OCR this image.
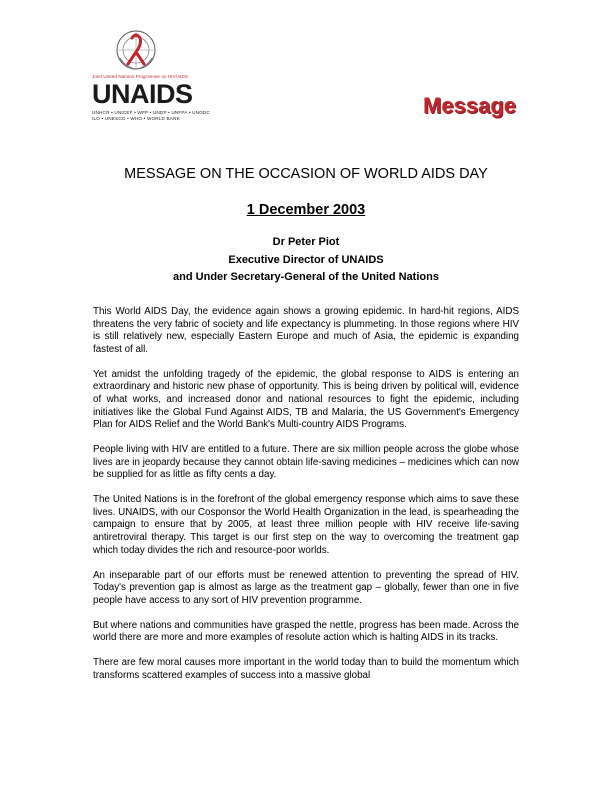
Joint United Nations Programme on HIV/AIDS
UNAIDS
UNHCR • UNICEF • WFP • UNDP • UNFPA • UNODC
ILO • UNESCO • WHO • WORLD BANK
Message
MESSAGE ON THE OCCASION OF WORLD AIDS DAY
1 December 2003
Dr Peter Piot
Executive Director of UNAIDS
and Under Secretary-General of the United Nations

This World AIDS Day, the evidence again shows a growing epidemic. In hard-hit regions, AIDS threatens the very fabric of society and life expectancy is plummeting. In those regions where HIV is still relatively new, especially Eastern Europe and much of Asia, the epidemic is expanding fastest of all.

Yet amidst the unfolding tragedy of the epidemic, the global response to AIDS is entering an extraordinary and historic new phase of opportunity. This is being driven by political will, evidence of what works, and increased donor and national resources to fight the epidemic, including initiatives like the Global Fund Against AIDS, TB and Malaria, the US Government's Emergency Plan for AIDS Relief and the World Bank's Multi-country AIDS Programs.

People living with HIV are entitled to a future. There are six million people across the globe whose lives are in jeopardy because they cannot obtain life-saving medicines – medicines which can now be supplied for as little as fifty cents a day.

The United Nations is in the forefront of the global emergency response which aims to save these lives. UNAIDS, with our Cosponsor the World Health Organization in the lead, is spearheading the campaign to ensure that by 2005, at least three million people with HIV receive life-saving antiretroviral therapy. This target is our first step on the way to overcoming the treatment gap which today divides the rich and resource-poor worlds.

An inseparable part of our efforts must be renewed attention to preventing the spread of HIV. Today's prevention gap is almost as large as the treatment gap – globally, fewer than one in five people have access to any sort of HIV prevention programme.

But where nations and communities have grasped the nettle, progress has been made. Across the world there are more and more examples of resolute action which is halting AIDS in its tracks.

There are few moral causes more important in the world today than to build the momentum which transforms scattered examples of success into a massive global
